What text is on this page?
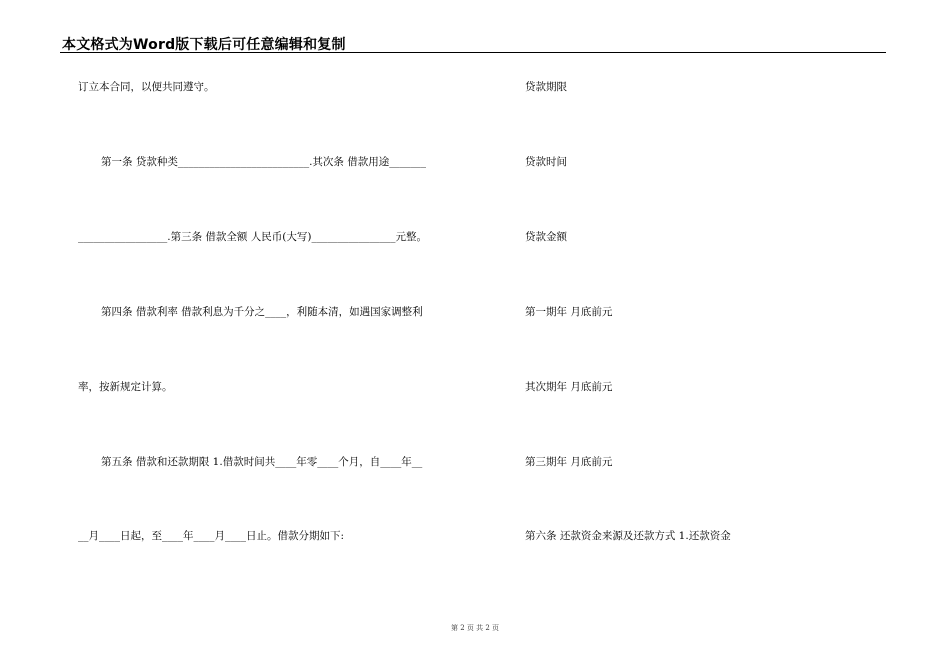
本文格式为Word版下载后可任意编辑和复制
订立本合同，以便共同遵守。
第一条 贷款种类_________________________.其次条 借款用途_______
_________________.第三条 借款全额 人民币(大写)________________元整。
第四条 借款利率 借款利息为千分之____，利随本清，如遇国家调整利
率，按新规定计算。
第五条 借款和还款期限 1.借款时间共____年零____个月，自____年__
__月____日起，至____年____月____日止。借款分期如下:
贷款期限
贷款时间
贷款金额
第一期年 月底前元
其次期年 月底前元
第三期年 月底前元
第六条 还款资金来源及还款方式 1.还款资金
第 2 页 共 2 页
